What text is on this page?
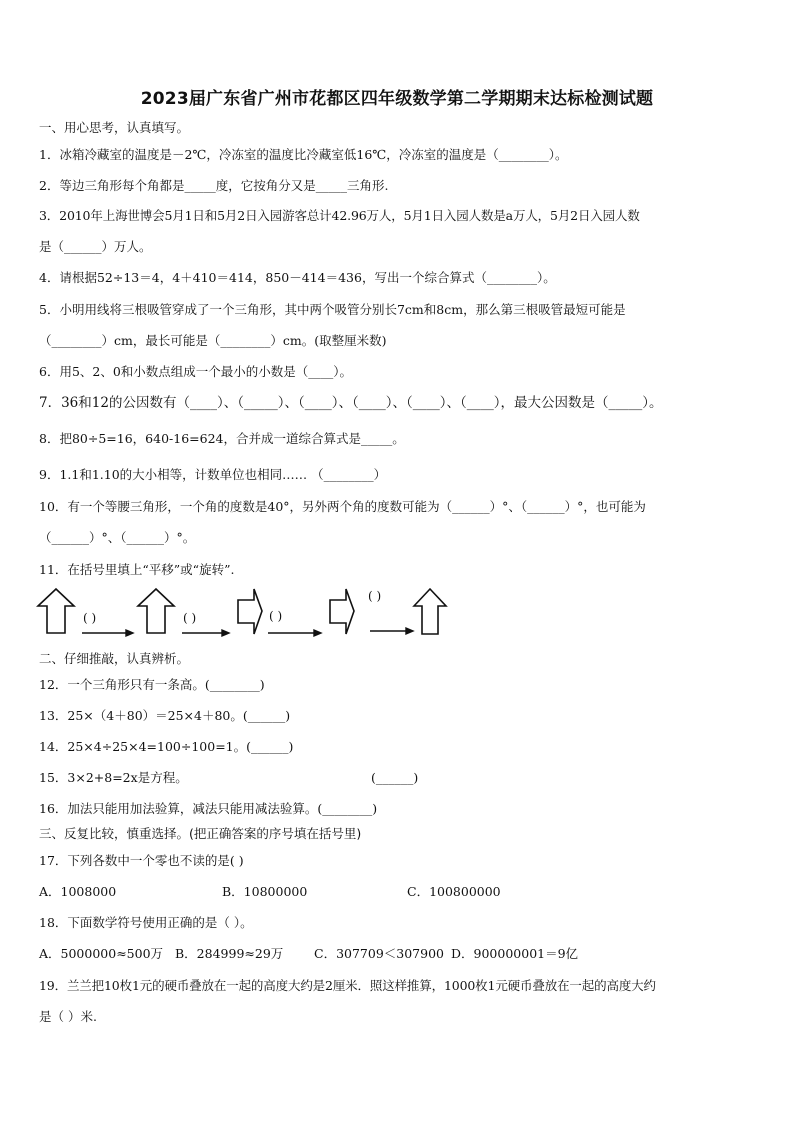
2023届广东省广州市花都区四年级数学第二学期期末达标检测试题
一、用心思考，认真填写。
1．冰箱冷藏室的温度是－2℃，冷冻室的温度比冷藏室低16℃，冷冻室的温度是（________）。
2．等边三角形每个角都是_____度，它按角分又是_____三角形.
3．2010年上海世博会5月1日和5月2日入园游客总计42.96万人，5月1日入园人数是a万人，5月2日入园人数
是（______）万人。
4．请根据52÷13＝4，4＋410＝414，850－414＝436，写出一个综合算式（________）。
5．小明用线将三根吸管穿成了一个三角形，其中两个吸管分别长7cm和8cm，那么第三根吸管最短可能是
（________）cm，最长可能是（________）cm。(取整厘米数)
6．用5、2、0和小数点组成一个最小的小数是（____）。
7．36和12的公因数有（____）、（_____）、（____）、（____）、（____）、（____），最大公因数是（_____）。
8．把80÷5=16，640-16=624，合并成一道综合算式是_____。
9．1.1和1.10的大小相等，计数单位也相同…… （________）
10．有一个等腰三角形，一个角的度数是40°，另外两个角的度数可能为（______）°、（______）°，也可能为
（______）°、（______）°。
11．在括号里填上“平移”或“旋转”.
( )	( )	( )
( )
二、仔细推敲，认真辨析。
12．一个三角形只有一条高。(________)
13．25×（4＋80）＝25×4＋80。(______)
14．25×4÷25×4=100÷100=1。(______)
15．3×2+8=2x是方程。	(______)
16．加法只能用加法验算，减法只能用减法验算。(________)
三、反复比较，慎重选择。(把正确答案的序号填在括号里)
17．下列各数中一个零也不读的是( )
A．1008000	B．10800000	C．100800000
18．下面数学符号使用正确的是（ ）。
A．5000000≈500万 B．284999≈29万 C．307709＜307900 D．900000001＝9亿
19．兰兰把10枚1元的硬币叠放在一起的高度大约是2厘米．照这样推算，1000枚1元硬币叠放在一起的高度大约
是（ ）米.
